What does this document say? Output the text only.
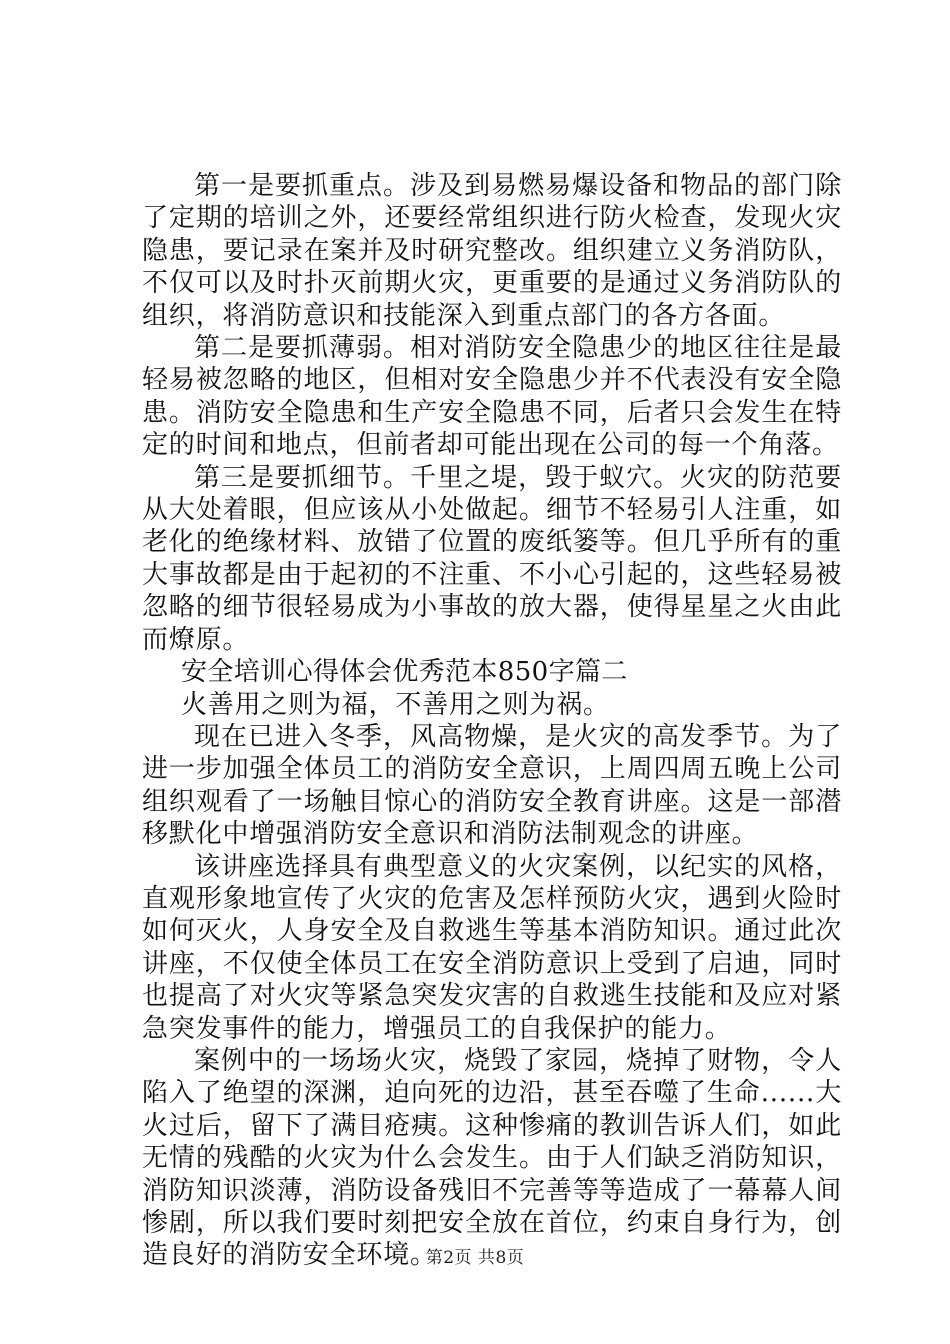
第一是要抓重点。涉及到易燃易爆设备和物品的部门除了定期的培训之外，还要经常组织进行防火检查，发现火灾隐患，要记录在案并及时研究整改。组织建立义务消防队，不仅可以及时扑灭前期火灾，更重要的是通过义务消防队的组织，将消防意识和技能深入到重点部门的各方各面。

第二是要抓薄弱。相对消防安全隐患少的地区往往是最轻易被忽略的地区，但相对安全隐患少并不代表没有安全隐患。消防安全隐患和生产安全隐患不同，后者只会发生在特定的时间和地点，但前者却可能出现在公司的每一个角落。

第三是要抓细节。千里之堤，毁于蚁穴。火灾的防范要从大处着眼，但应该从小处做起。细节不轻易引人注重，如老化的绝缘材料、放错了位置的废纸篓等。但几乎所有的重大事故都是由于起初的不注重、不小心引起的，这些轻易被忽略的细节很轻易成为小事故的放大器，使得星星之火由此而燎原。

安全培训心得体会优秀范本850字篇二

火善用之则为福，不善用之则为祸。

现在已进入冬季，风高物燥，是火灾的高发季节。为了进一步加强全体员工的消防安全意识，上周四周五晚上公司组织观看了一场触目惊心的消防安全教育讲座。这是一部潜移默化中增强消防安全意识和消防法制观念的讲座。

该讲座选择具有典型意义的火灾案例，以纪实的风格，直观形象地宣传了火灾的危害及怎样预防火灾，遇到火险时如何灭火，人身安全及自救逃生等基本消防知识。通过此次讲座，不仅使全体员工在安全消防意识上受到了启迪，同时也提高了对火灾等紧急突发灾害的自救逃生技能和及应对紧急突发事件的能力，增强员工的自我保护的能力。

案例中的一场场火灾，烧毁了家园，烧掉了财物，令人陷入了绝望的深渊，迫向死的边沿，甚至吞噬了生命......大火过后，留下了满目疮痍。这种惨痛的教训告诉人们，如此无情的残酷的火灾为什么会发生。由于人们缺乏消防知识，消防知识淡薄，消防设备残旧不完善等等造成了一幕幕人间惨剧，所以我们要时刻把安全放在首位，约束自身行为，创造良好的消防安全环境。

第2页 共8页
